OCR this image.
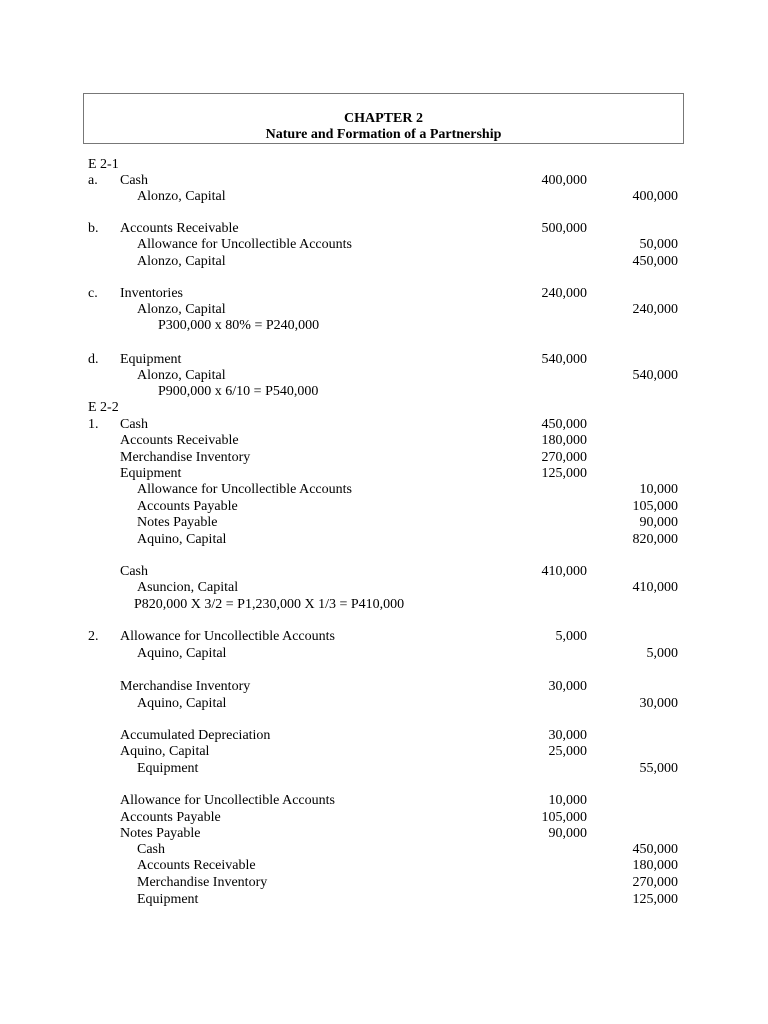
CHAPTER 2
Nature and Formation of a Partnership
E 2-1
a. Cash	400,000
Alonzo, Capital	400,000
b. Accounts Receivable	500,000
Allowance for Uncollectible Accounts	50,000
Alonzo, Capital	450,000
c. Inventories	240,000
Alonzo, Capital	240,000
P300,000 x 80% = P240,000
d. Equipment	540,000
Alonzo, Capital	540,000
P900,000 x 6/10 = P540,000
E 2-2
1. Cash	450,000
Accounts Receivable	180,000
Merchandise Inventory	270,000
Equipment	125,000
Allowance for Uncollectible Accounts	10,000
Accounts Payable	105,000
Notes Payable	90,000
Aquino, Capital	820,000
Cash	410,000
Asuncion, Capital	410,000
P820,000 X 3/2 = P1,230,000 X 1/3 = P410,000
2. Allowance for Uncollectible Accounts	5,000
Aquino, Capital	5,000
Merchandise Inventory	30,000
Aquino, Capital	30,000
Accumulated Depreciation	30,000
Aquino, Capital	25,000
Equipment	55,000
Allowance for Uncollectible Accounts	10,000
Accounts Payable	105,000
Notes Payable	90,000
Cash	450,000
Accounts Receivable	180,000
Merchandise Inventory	270,000
Equipment	125,000
